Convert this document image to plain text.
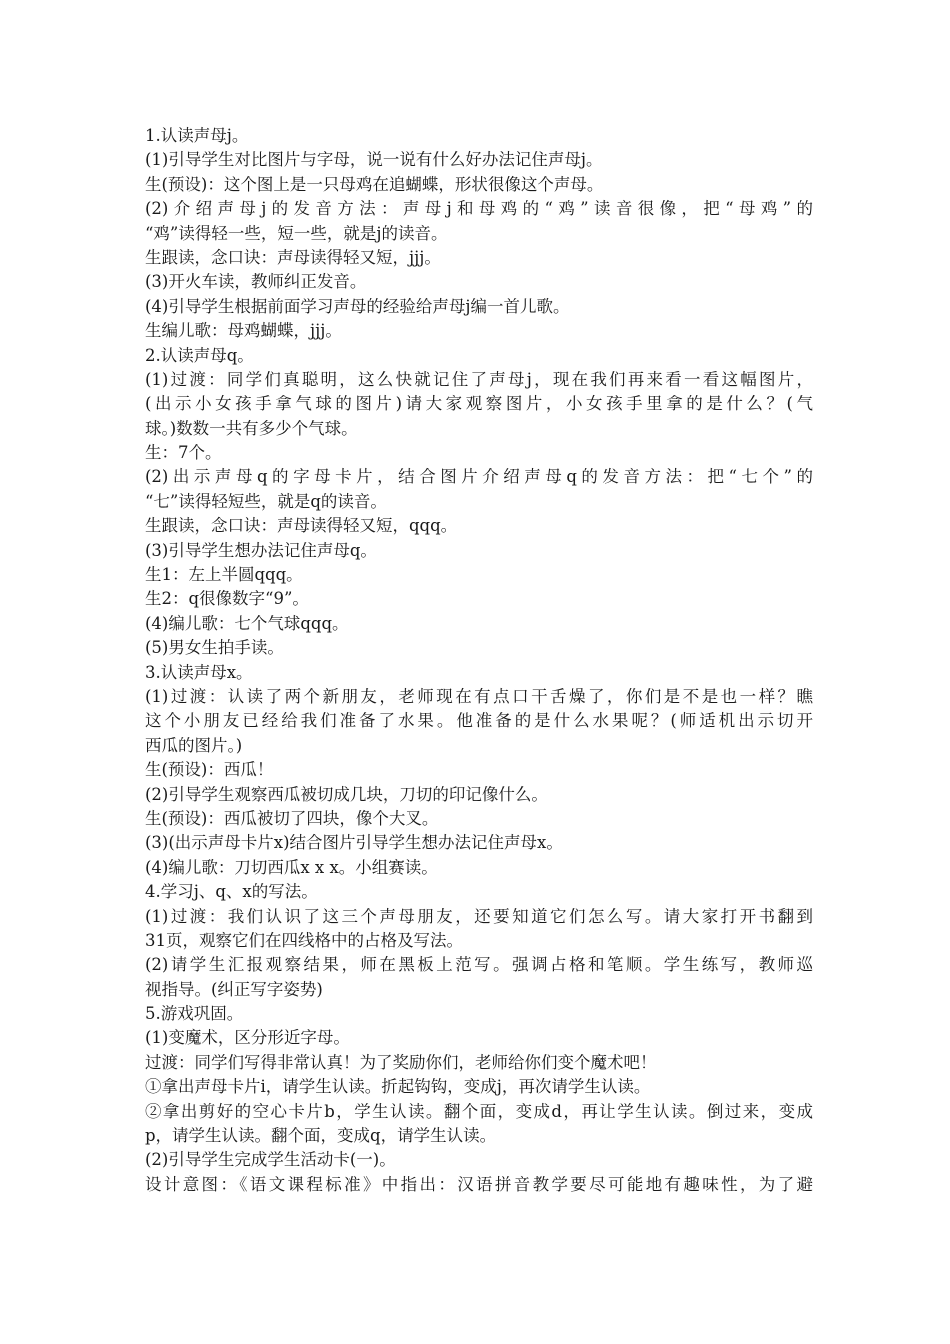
1.认读声母j。
(1)引导学生对比图片与字母，说一说有什么好办法记住声母j。
生(预设)：这个图上是一只母鸡在追蝴蝶，形状很像这个声母。
(2)介绍声母j的发音方法：声母j和母鸡的“鸡”读音很像，把“母鸡”的
“鸡”读得轻一些，短一些，就是j的读音。
生跟读，念口诀：声母读得轻又短，jjj。
(3)开火车读，教师纠正发音。
(4)引导学生根据前面学习声母的经验给声母j编一首儿歌。
生编儿歌：母鸡蝴蝶，jjj。
2.认读声母q。
(1)过渡：同学们真聪明，这么快就记住了声母j，现在我们再来看一看这幅图片，
(出示小女孩手拿气球的图片)请大家观察图片，小女孩手里拿的是什么？(气
球。)数数一共有多少个气球。
生：7个。
(2)出示声母q的字母卡片，结合图片介绍声母q的发音方法：把“七个”的
“七”读得轻短些，就是q的读音。
生跟读，念口诀：声母读得轻又短，qqq。
(3)引导学生想办法记住声母q。
生1：左上半圆qqq。
生2：q很像数字“9”。
(4)编儿歌：七个气球qqq。
(5)男女生拍手读。
3.认读声母x。
(1)过渡：认读了两个新朋友，老师现在有点口干舌燥了，你们是不是也一样？瞧
这个小朋友已经给我们准备了水果。他准备的是什么水果呢？(师适机出示切开
西瓜的图片。)
生(预设)：西瓜！
(2)引导学生观察西瓜被切成几块，刀切的印记像什么。
生(预设)：西瓜被切了四块，像个大叉。
(3)(出示声母卡片x)结合图片引导学生想办法记住声母x。
(4)编儿歌：刀切西瓜x x x。小组赛读。
4.学习j、q、x的写法。
(1)过渡：我们认识了这三个声母朋友，还要知道它们怎么写。请大家打开书翻到
31页，观察它们在四线格中的占格及写法。
(2)请学生汇报观察结果，师在黑板上范写。强调占格和笔顺。学生练写，教师巡
视指导。(纠正写字姿势)
5.游戏巩固。
(1)变魔术，区分形近字母。
过渡：同学们写得非常认真！为了奖励你们，老师给你们变个魔术吧！
①拿出声母卡片i，请学生认读。折起钩钩，变成j，再次请学生认读。
②拿出剪好的空心卡片b，学生认读。翻个面，变成d，再让学生认读。倒过来，变成
p，请学生认读。翻个面，变成q，请学生认读。
(2)引导学生完成学生活动卡(一)。
设计意图：《语文课程标准》中指出：汉语拼音教学要尽可能地有趣味性，为了避
